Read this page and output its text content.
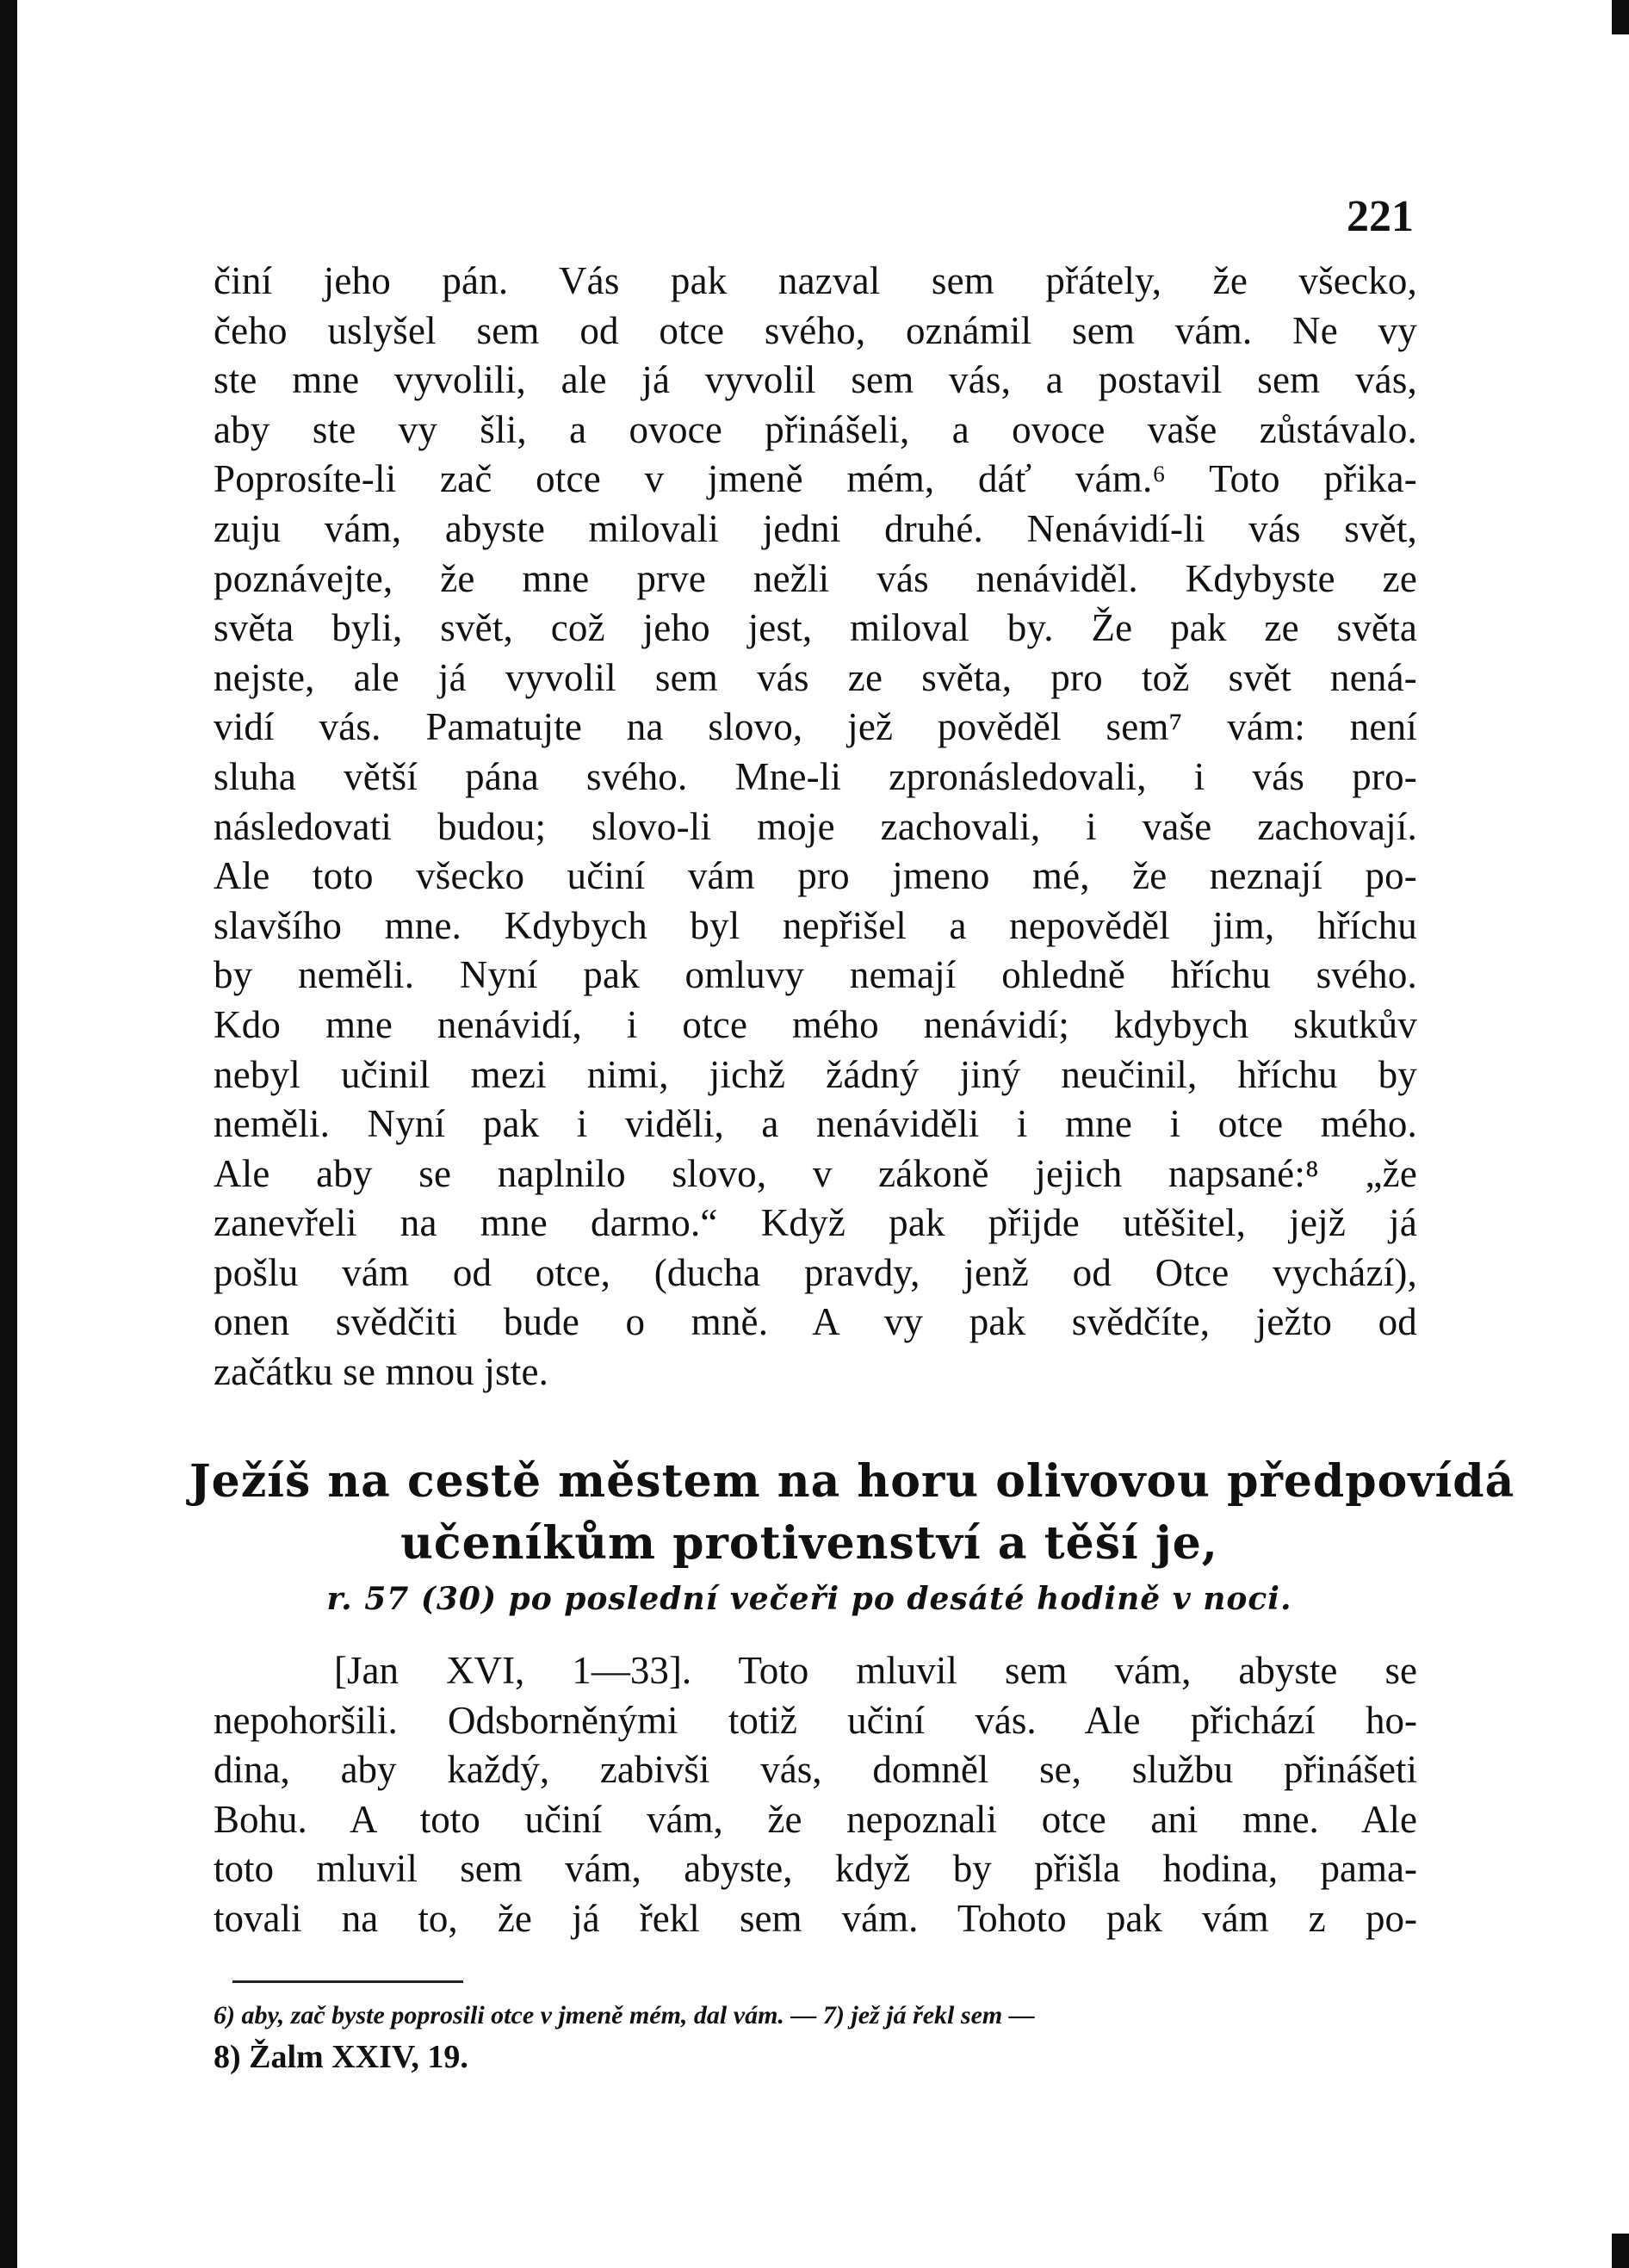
221
činí jeho pán. Vás pak nazval sem přátely, že všecko,
čeho uslyšel sem od otce svého, oznámil sem vám. Ne vy
ste mne vyvolili, ale já vyvolil sem vás, a postavil sem vás,
aby ste vy šli, a ovoce přinášeli, a ovoce vaše zůstávalo.
Poprosíte-li zač otce v jmeně mém, dáť vám.⁶ Toto přika-
zuju vám, abyste milovali jedni druhé. Nenávidí-li vás svět,
poznávejte, že mne prve nežli vás nenáviděl. Kdybyste ze
světa byli, svět, což jeho jest, miloval by. Že pak ze světa
nejste, ale já vyvolil sem vás ze světa, pro tož svět nená-
vidí vás. Pamatujte na slovo, jež pověděl sem⁷ vám: není
sluha větší pána svého. Mne-li zpronásledovali, i vás pro-
následovati budou; slovo-li moje zachovali, i vaše zachovají.
Ale toto všecko učiní vám pro jmeno mé, že neznají po-
slavšího mne. Kdybych byl nepřišel a nepověděl jim, hříchu
by neměli. Nyní pak omluvy nemají ohledně hříchu svého.
Kdo mne nenávidí, i otce mého nenávidí; kdybych skutkův
nebyl učinil mezi nimi, jichž žádný jiný neučinil, hříchu by
neměli. Nyní pak i viděli, a nenáviděli i mne i otce mého.
Ale aby se naplnilo slovo, v zákoně jejich napsané:⁸ „že
zanevřeli na mne darmo.“ Když pak přijde utěšitel, jejž já
pošlu vám od otce, (ducha pravdy, jenž od Otce vychází),
onen svědčiti bude o mně. A vy pak svědčíte, ježto od
začátku se mnou jste.
Ježíš na cestě městem na horu olivovou předpovídá
učeníkům protivenství a těší je,
r. 57 (30) po poslední večeři po desáté hodině v noci.
[Jan XVI, 1—33]. Toto mluvil sem vám, abyste se
nepohoršili. Odsborněnými totiž učiní vás. Ale přichází ho-
dina, aby každý, zabivši vás, domněl se, službu přinášeti
Bohu. A toto učiní vám, že nepoznali otce ani mne. Ale
toto mluvil sem vám, abyste, když by přišla hodina, pama-
tovali na to, že já řekl sem vám. Tohoto pak vám z po-
6) aby, zač byste poprosili otce v jmeně mém, dal vám. — 7) jež já řekl sem —
8) Žalm XXIV, 19.
